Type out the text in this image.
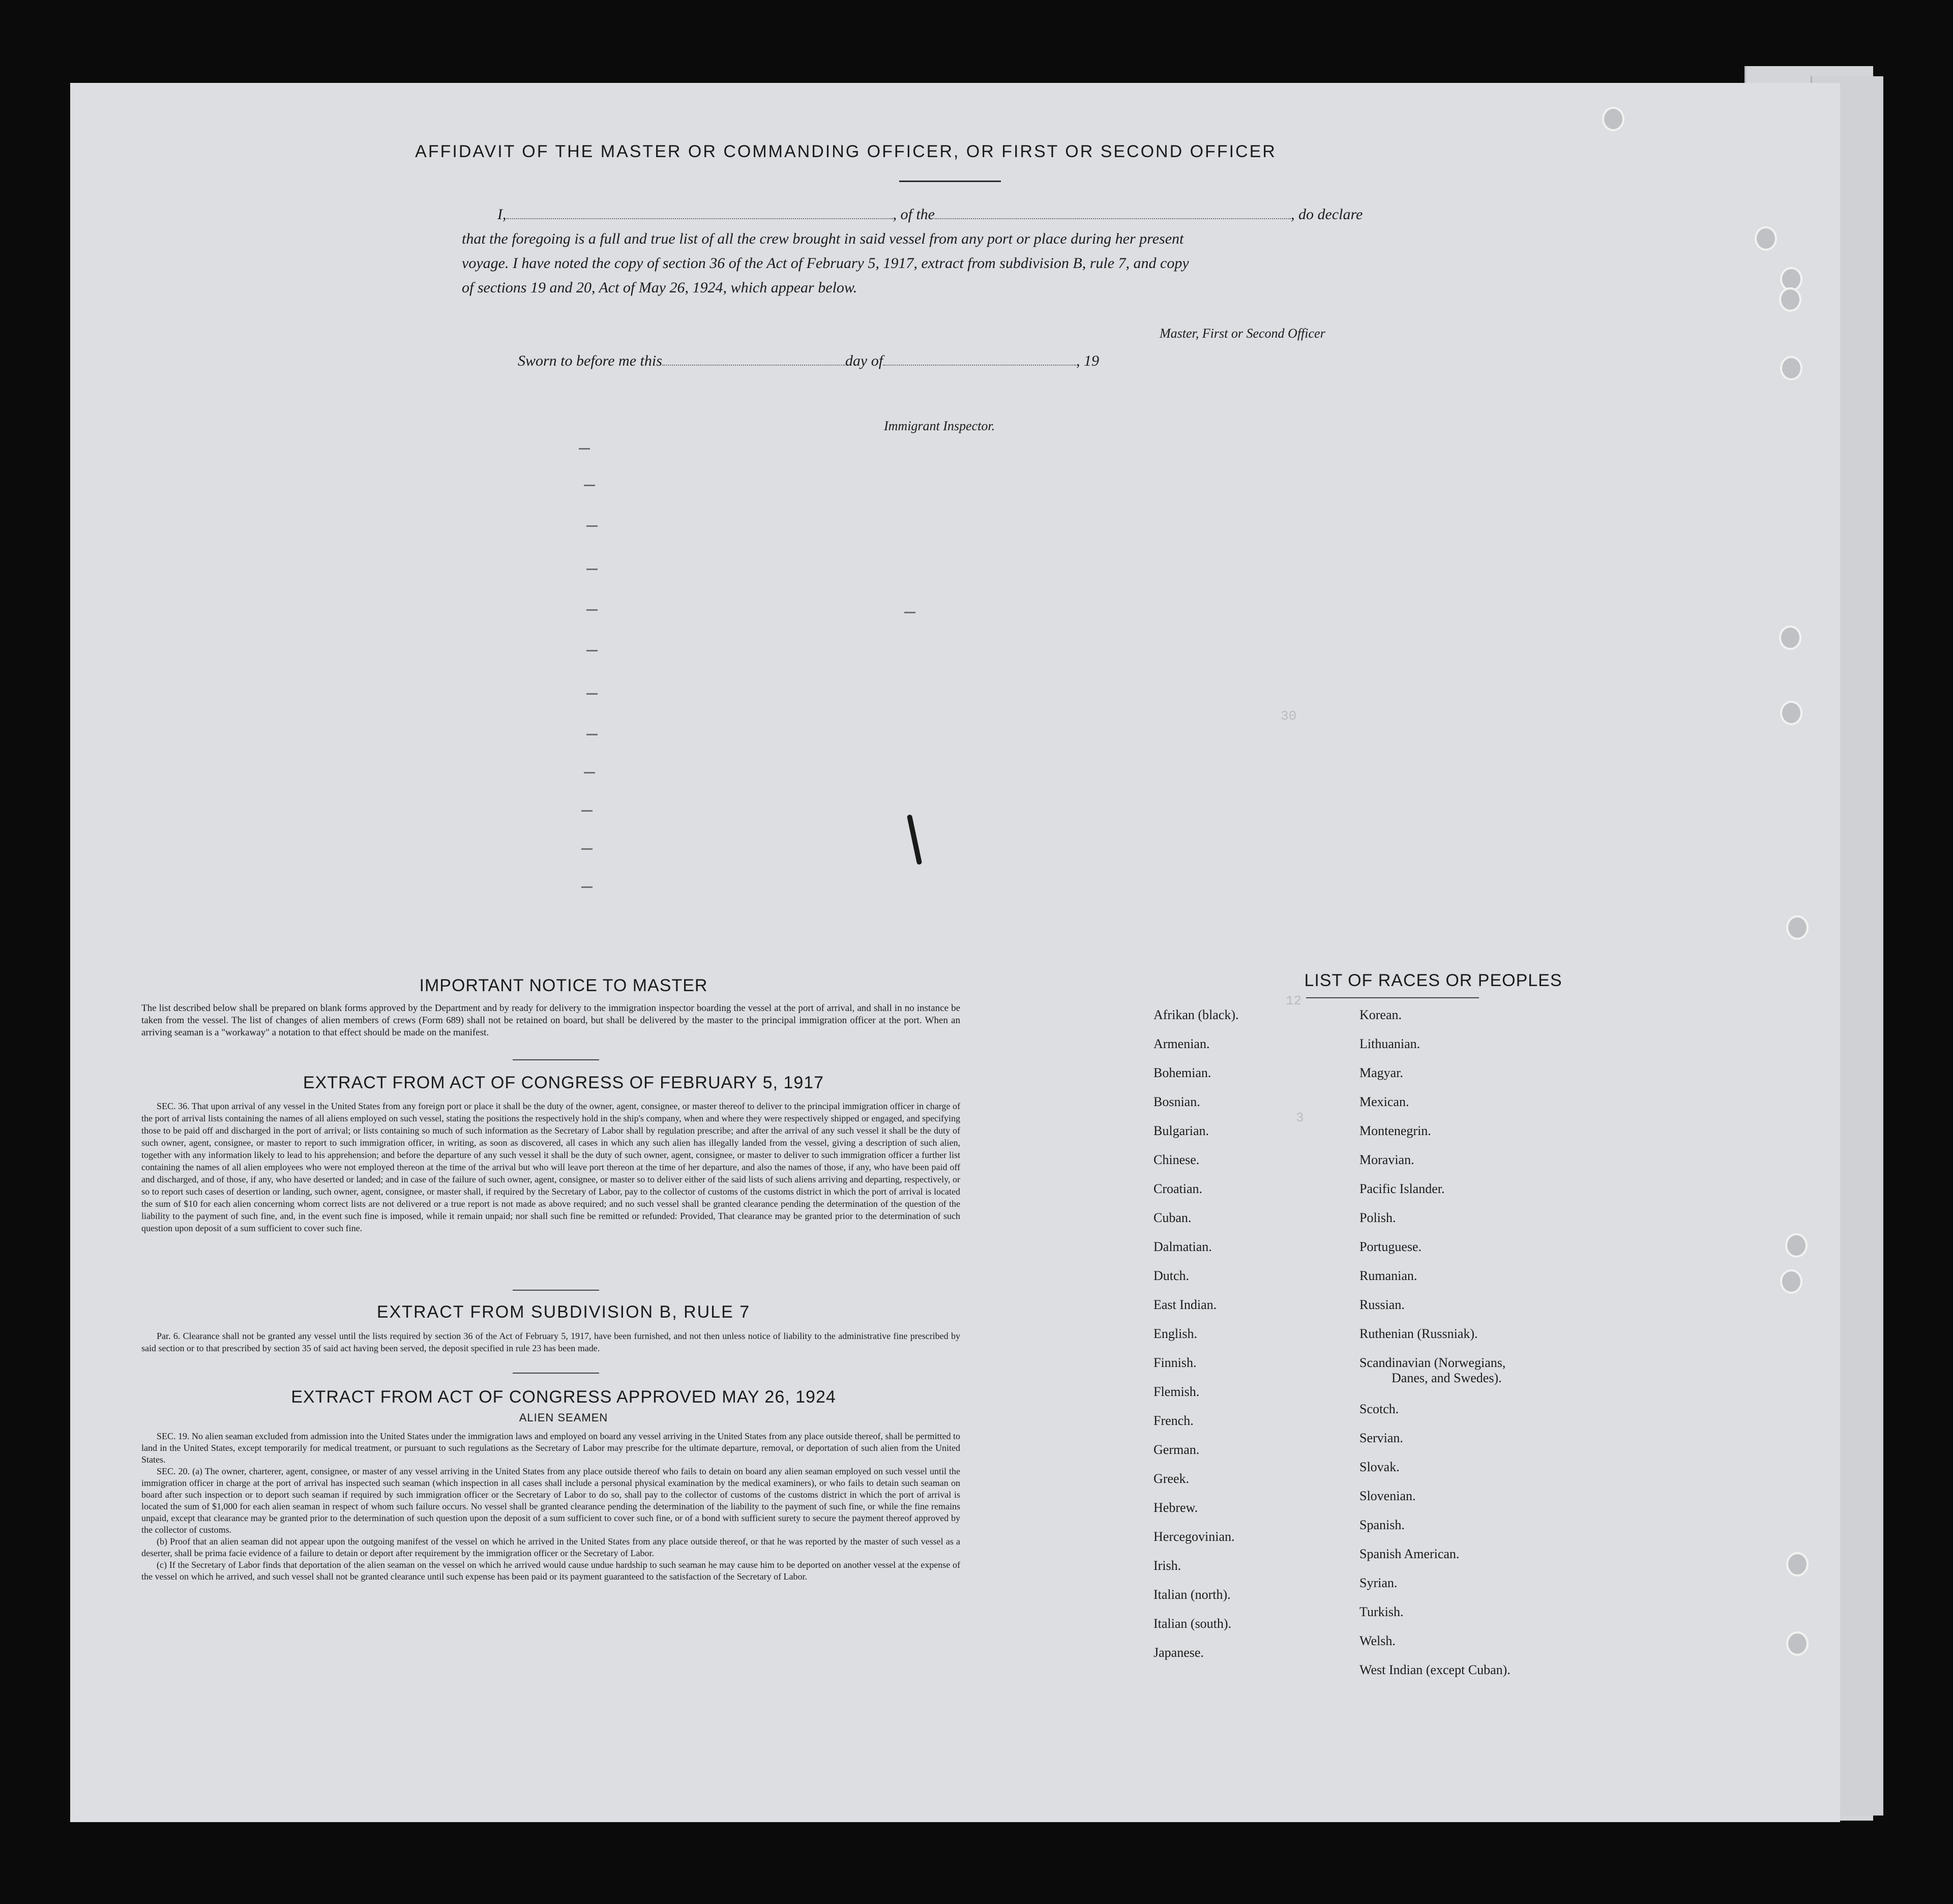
AFFIDAVIT OF THE MASTER OR COMMANDING OFFICER, OR FIRST OR SECOND OFFICER
I,	, of the	, do declare
that the foregoing is a full and true list of all the crew brought in said vessel from any port or place during her present
voyage. I have noted the copy of section 36 of the Act of February 5, 1917, extract from subdivision B, rule 7, and copy
of sections 19 and 20, Act of May 26, 1924, which appear below.
Master, First or Second Officer
Sworn to before me this	day of	, 19
Immigrant Inspector.
IMPORTANT NOTICE TO MASTER
The list described below shall be prepared on blank forms approved by the Department and by ready for delivery to the immigration inspector boarding the vessel at the port of arrival, and shall in no instance be taken from the vessel. The list of changes of alien members of crews (Form 689) shall not be retained on board, but shall be delivered by the master to the principal immigration officer at the port. When an arriving seaman is a "workaway" a notation to that effect should be made on the manifest.
EXTRACT FROM ACT OF CONGRESS OF FEBRUARY 5, 1917
SEC. 36. That upon arrival of any vessel in the United States from any foreign port or place it shall be the duty of the owner, agent, consignee, or master thereof to deliver to the principal immigration officer in charge of the port of arrival lists containing the names of all aliens employed on such vessel, stating the positions the respectively hold in the ship's company, when and where they were respectively shipped or engaged, and specifying those to be paid off and discharged in the port of arrival; or lists containing so much of such information as the Secretary of Labor shall by regulation prescribe; and after the arrival of any such vessel it shall be the duty of such owner, agent, consignee, or master to report to such immigration officer, in writing, as soon as discovered, all cases in which any such alien has illegally landed from the vessel, giving a description of such alien, together with any information likely to lead to his apprehension; and before the departure of any such vessel it shall be the duty of such owner, agent, consignee, or master to deliver to such immigration officer a further list containing the names of all alien employees who were not employed thereon at the time of the arrival but who will leave port thereon at the time of her departure, and also the names of those, if any, who have been paid off and discharged, and of those, if any, who have deserted or landed; and in case of the failure of such owner, agent, consignee, or master so to deliver either of the said lists of such aliens arriving and departing, respectively, or so to report such cases of desertion or landing, such owner, agent, consignee, or master shall, if required by the Secretary of Labor, pay to the collector of customs of the customs district in which the port of arrival is located the sum of $10 for each alien concerning whom correct lists are not delivered or a true report is not made as above required; and no such vessel shall be granted clearance pending the determination of the question of the liability to the payment of such fine, and, in the event such fine is imposed, while it remain unpaid; nor shall such fine be remitted or refunded: Provided, That clearance may be granted prior to the determination of such question upon deposit of a sum sufficient to cover such fine.
EXTRACT FROM SUBDIVISION B, RULE 7
Par. 6. Clearance shall not be granted any vessel until the lists required by section 36 of the Act of February 5, 1917, have been furnished, and not then unless notice of liability to the administrative fine prescribed by said section or to that prescribed by section 35 of said act having been served, the deposit specified in rule 23 has been made.
EXTRACT FROM ACT OF CONGRESS APPROVED MAY 26, 1924
ALIEN SEAMEN
SEC. 19. No alien seaman excluded from admission into the United States under the immigration laws and employed on board any vessel arriving in the United States from any place outside thereof, shall be permitted to land in the United States, except temporarily for medical treatment, or pursuant to such regulations as the Secretary of Labor may prescribe for the ultimate departure, removal, or deportation of such alien from the United States.
SEC. 20. (a) The owner, charterer, agent, consignee, or master of any vessel arriving in the United States from any place outside thereof who fails to detain on board any alien seaman employed on such vessel until the immigration officer in charge at the port of arrival has inspected such seaman (which inspection in all cases shall include a personal physical examination by the medical examiners), or who fails to detain such seaman on board after such inspection or to deport such seaman if required by such immigration officer or the Secretary of Labor to do so, shall pay to the collector of customs of the customs district in which the port of arrival is located the sum of $1,000 for each alien seaman in respect of whom such failure occurs. No vessel shall be granted clearance pending the determination of the liability to the payment of such fine, or while the fine remains unpaid, except that clearance may be granted prior to the determination of such question upon the deposit of a sum sufficient to cover such fine, or of a bond with sufficient surety to secure the payment thereof approved by the collector of customs.
(b) Proof that an alien seaman did not appear upon the outgoing manifest of the vessel on which he arrived in the United States from any place outside thereof, or that he was reported by the master of such vessel as a deserter, shall be prima facie evidence of a failure to detain or deport after requirement by the immigration officer or the Secretary of Labor.
(c) If the Secretary of Labor finds that deportation of the alien seaman on the vessel on which he arrived would cause undue hardship to such seaman he may cause him to be deported on another vessel at the expense of the vessel on which he arrived, and such vessel shall not be granted clearance until such expense has been paid or its payment guaranteed to the satisfaction of the Secretary of Labor.
LIST OF RACES OR PEOPLES
Afrikan (black).
Armenian.
Bohemian.
Bosnian.
Bulgarian.
Chinese.
Croatian.
Cuban.
Dalmatian.
Dutch.
East Indian.
English.
Finnish.
Flemish.
French.
German.
Greek.
Hebrew.
Hercegovinian.
Irish.
Italian (north).
Italian (south).
Japanese.
Korean.
Lithuanian.
Magyar.
Mexican.
Montenegrin.
Moravian.
Pacific Islander.
Polish.
Portuguese.
Rumanian.
Russian.
Ruthenian (Russniak).
Scandinavian (Norwegians,
Danes, and Swedes).
Scotch.
Servian.
Slovak.
Slovenian.
Spanish.
Spanish American.
Syrian.
Turkish.
Welsh.
West Indian (except Cuban).
3
30
12
